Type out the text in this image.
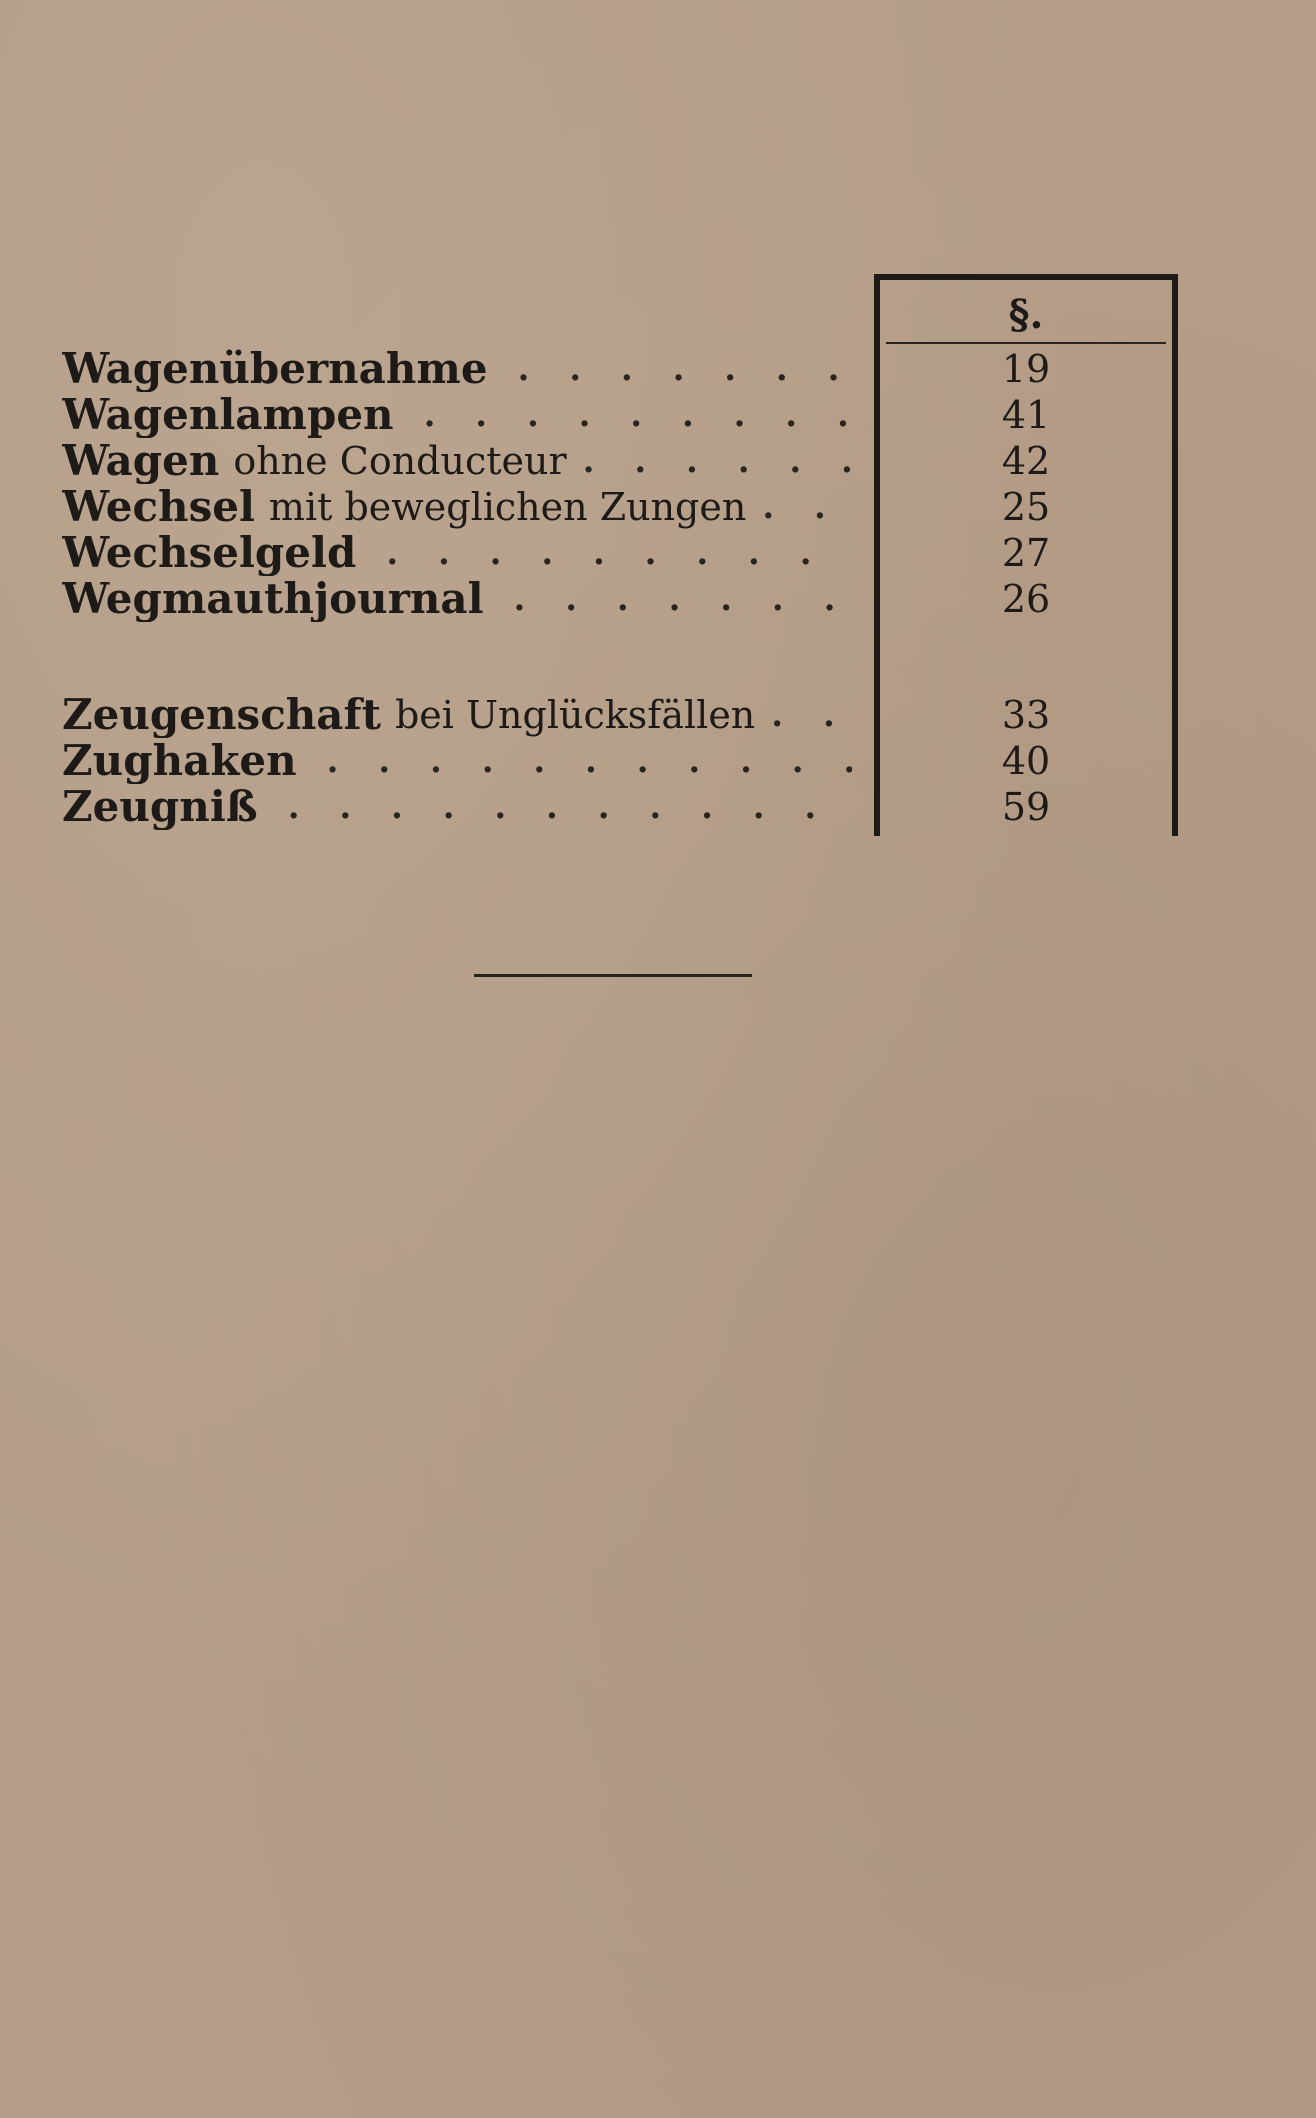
§.
Wagenübernahme . . .	19
Wagenlampen . . .	41
Wagen ohne Conducteur . . .	42
Wechsel mit beweglichen Zungen . . .	25
Wechselgeld . . .	27
Wegmauthjournal . . .	26
Zeugenschaft bei Unglücksfällen . . .	33
Zughaken . . .	40
Zeugniß . . .	59
